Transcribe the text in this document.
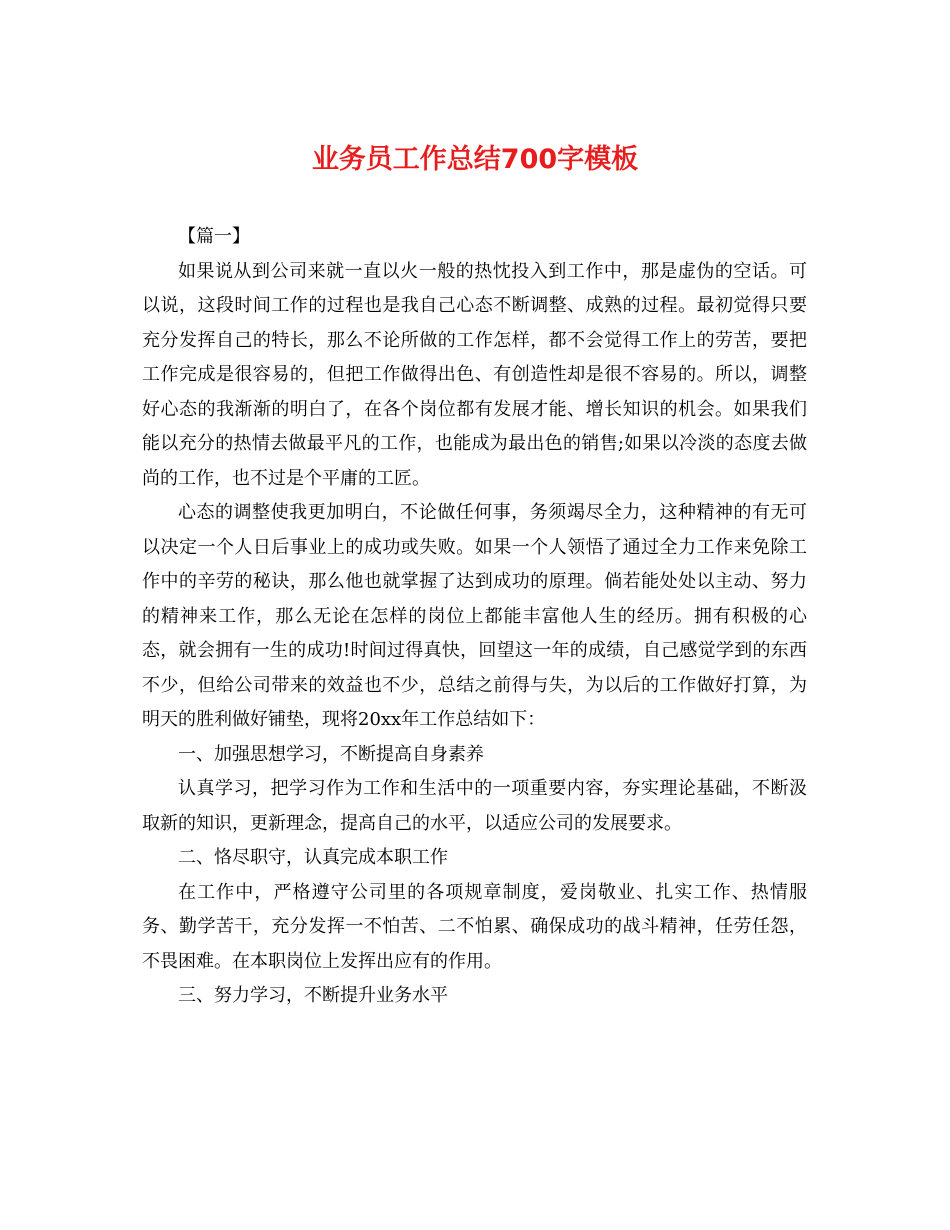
业务员工作总结700字模板

【篇一】

如果说从到公司来就一直以火一般的热忱投入到工作中，那是虚伪的空话。可以说，这段时间工作的过程也是我自己心态不断调整、成熟的过程。最初觉得只要充分发挥自己的特长，那么不论所做的工作怎样，都不会觉得工作上的劳苦，要把工作完成是很容易的，但把工作做得出色、有创造性却是很不容易的。所以，调整好心态的我渐渐的明白了，在各个岗位都有发展才能、增长知识的机会。如果我们能以充分的热情去做最平凡的工作，也能成为最出色的销售;如果以冷淡的态度去做尚的工作，也不过是个平庸的工匠。

心态的调整使我更加明白，不论做任何事，务须竭尽全力，这种精神的有无可以决定一个人日后事业上的成功或失败。如果一个人领悟了通过全力工作来免除工作中的辛劳的秘诀，那么他也就掌握了达到成功的原理。倘若能处处以主动、努力的精神来工作，那么无论在怎样的岗位上都能丰富他人生的经历。拥有积极的心态，就会拥有一生的成功!时间过得真快，回望这一年的成绩，自己感觉学到的东西不少，但给公司带来的效益也不少，总结之前得与失，为以后的工作做好打算，为明天的胜利做好铺垫，现将20xx年工作总结如下：

一、加强思想学习，不断提高自身素养

认真学习，把学习作为工作和生活中的一项重要内容，夯实理论基础，不断汲取新的知识，更新理念，提高自己的水平，以适应公司的发展要求。

二、恪尽职守，认真完成本职工作

在工作中，严格遵守公司里的各项规章制度，爱岗敬业、扎实工作、热情服务、勤学苦干，充分发挥一不怕苦、二不怕累、确保成功的战斗精神，任劳任怨，不畏困难。在本职岗位上发挥出应有的作用。

三、努力学习，不断提升业务水平
